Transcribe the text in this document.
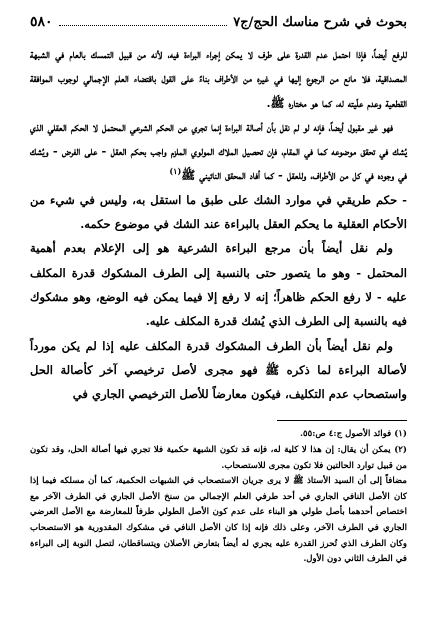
بحوث في شرح مناسك الحج/ج٧
٥٨٠

للرفع أيضاً، فإذا احتمل عدم القدرة على طرف لا يمكن إجراء البراءة فيه، لأنه من قبيل التمسك بالعام في الشبهة المصداقية، فلا مانع من الرجوع إليها في غيره من الأطراف بناءً على القول باقتضاء العلم الإجمالي لوجوب الموافقة القطعية وعدم علّيته له، كما هو مختاره ﷺ.

فهو غير مقبول أيضاً، فإنه لو لم نقل بأن أصالة البراءة إنما تجري عن الحكم الشرعي المحتمل لا الحكم العقلي الذي يُشك في تحقق موضوعه كما في المقام، فإن تحصيل الملاك المولوي الملزم واجب بحكم العقل - على الفرض - ويُشك في وجوده في كل من الأطراف، وللعقل - كما أفاد المحقق النائيني ﷺ$^{(١)}$

- حكم طريقي في موارد الشك على طبق ما استقل به، وليس في شيء من الأحكام العقلية ما يحكم العقل بالبراءة عند الشك في موضوع حكمه.

ولم نقل أيضاً بأن مرجع البراءة الشرعية هو إلى الإعلام بعدم أهمية المحتمل - وهو ما يتصور حتى بالنسبة إلى الطرف المشكوك قدرة المكلف عليه - لا رفع الحكم ظاهراً؛ إنه لا رفع إلا فيما يمكن فيه الوضع، وهو مشكوك فيه بالنسبة إلى الطرف الذي يُشك قدرة المكلف عليه.

ولم نقل أيضاً بأن الطرف المشكوك قدرة المكلف عليه إذا لم يكن مورداً لأصالة البراءة لما ذكره ﷺ فهو مجرى لأصل ترخيصي آخر كأصالة الحل واستصحاب عدم التكليف، فيكون معارضاً للأصل الترخيصي الجاري في

(١) فوائد الأصول ج:٤ ص:٥٥.

(٢) يمكن أن يقال: إن هذا لا كلية له، فإنه قد تكون الشبهة حكمية فلا تجري فيها أصالة الحل، وقد تكون من قبيل توارد الحالتين فلا تكون مجرى للاستصحاب.

مضافاً إلى أن السيد الأستاذ ﷺ لا يرى جريان الاستصحاب في الشبهات الحكمية، كما أن مسلكه فيما إذا كان الأصل النافي الجاري في أحد طرفي العلم الإجمالي من سنخ الأصل الجاري في الطرف الآخر مع اختصاص أحدهما بأصل طولي هو البناء على عدم كون الأصل الطولي طرفاً للمعارضة مع الأصل العرضي الجاري في الطرف الآخر، وعلى ذلك فإنه إذا كان الأصل النافي في مشكوك المقدورية هو الاستصحاب وكان الطرف الذي تُحرز القدرة عليه يجري له أيضاً بتعارض الأصلان ويتساقطان، لتصل النوبة إلى البراءة في الطرف الثاني دون الأول.
